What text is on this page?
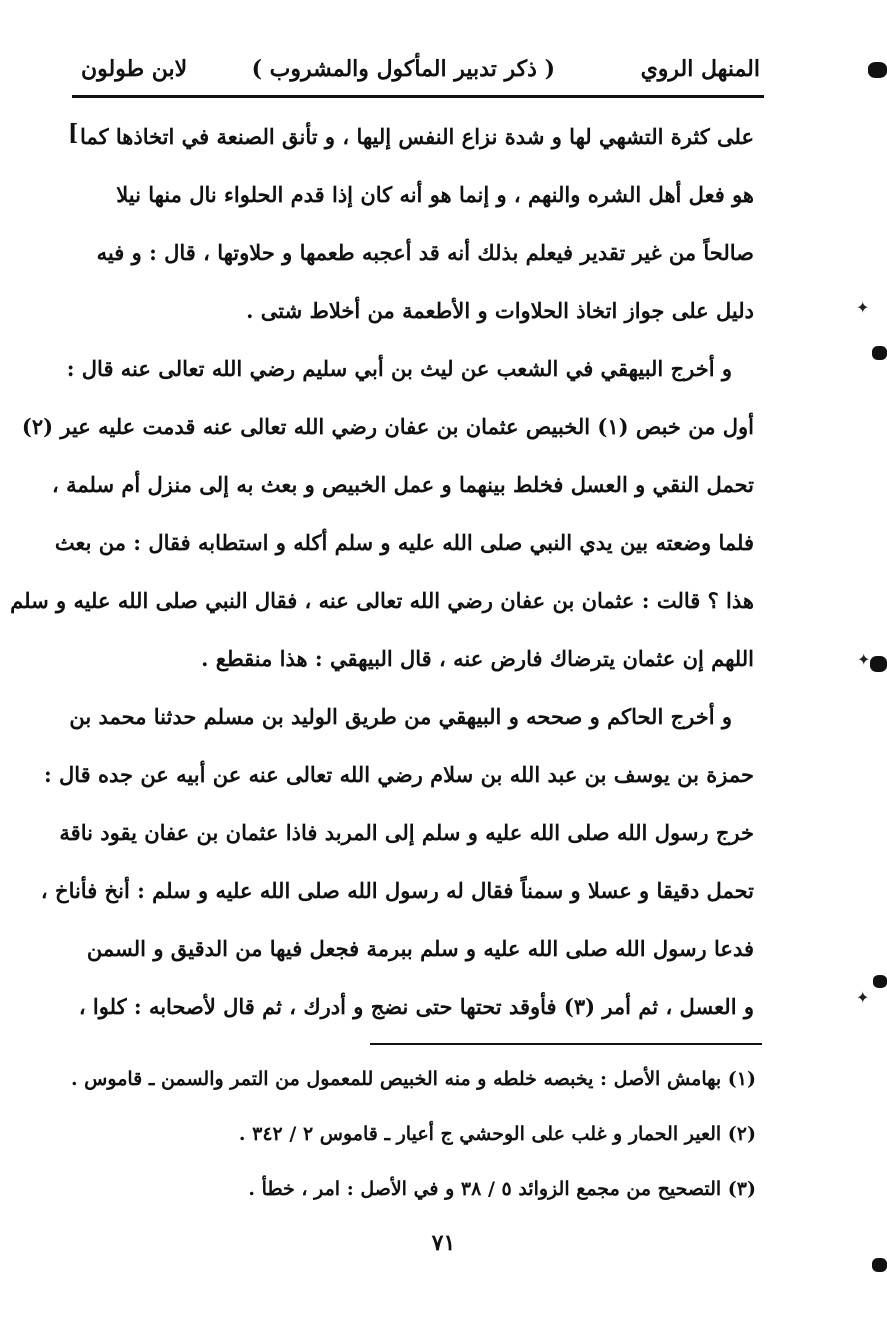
المنهل الروي
( ذكر تدبير المأكول والمشروب )
لابن طولون
[ على كثرة التشهي لها و شدة نزاع النفس إليها ، و تأنق الصنعة في اتخاذها كما
هو فعل أهل الشره والنهم ، و إنما هو أنه كان إذا قدم الحلواء نال منها نيلا
صالحاً من غير تقدير فيعلم بذلك أنه قد أعجبه طعمها و حلاوتها ، قال : و فيه
دليل على جواز اتخاذ الحلاوات و الأطعمة من أخلاط شتى .
و أخرج البيهقي في الشعب عن ليث بن أبي سليم رضي الله تعالى عنه قال :
أول من خبص (١) الخبيص عثمان بن عفان رضي الله تعالى عنه قدمت عليه عير (٢)
تحمل النقي و العسل فخلط بينهما و عمل الخبيص و بعث به إلى منزل أم سلمة ،
فلما وضعته بين يدي النبي صلى الله عليه و سلم أكله و استطابه فقال : من بعث
هذا ؟ قالت : عثمان بن عفان رضي الله تعالى عنه ، فقال النبي صلى الله عليه و سلم
اللهم إن عثمان يترضاك فارض عنه ، قال البيهقي : هذا منقطع .
و أخرج الحاكم و صححه و البيهقي من طريق الوليد بن مسلم حدثنا محمد بن
حمزة بن يوسف بن عبد الله بن سلام رضي الله تعالى عنه عن أبيه عن جده قال :
خرج رسول الله صلى الله عليه و سلم إلى المربد فاذا عثمان بن عفان يقود ناقة
تحمل دقيقا و عسلا و سمناً فقال له رسول الله صلى الله عليه و سلم : أنخ فأناخ ،
فدعا رسول الله صلى الله عليه و سلم ببرمة فجعل فيها من الدقيق و السمن
و العسل ، ثم أمر (٣) فأوقد تحتها حتى نضج و أدرك ، ثم قال لأصحابه : كلوا ،
(١) بهامش الأصل : يخبصه خلطه و منه الخبيص للمعمول من التمر والسمن ـ قاموس .
(٢) العير الحمار و غلب على الوحشي ج أعيار ـ قاموس ٢ / ٣٤٢ .
(٣) التصحيح من مجمع الزوائد ٥ / ٣٨ و في الأصل : امر ، خطأ .
٧١
✦
✦
✦
